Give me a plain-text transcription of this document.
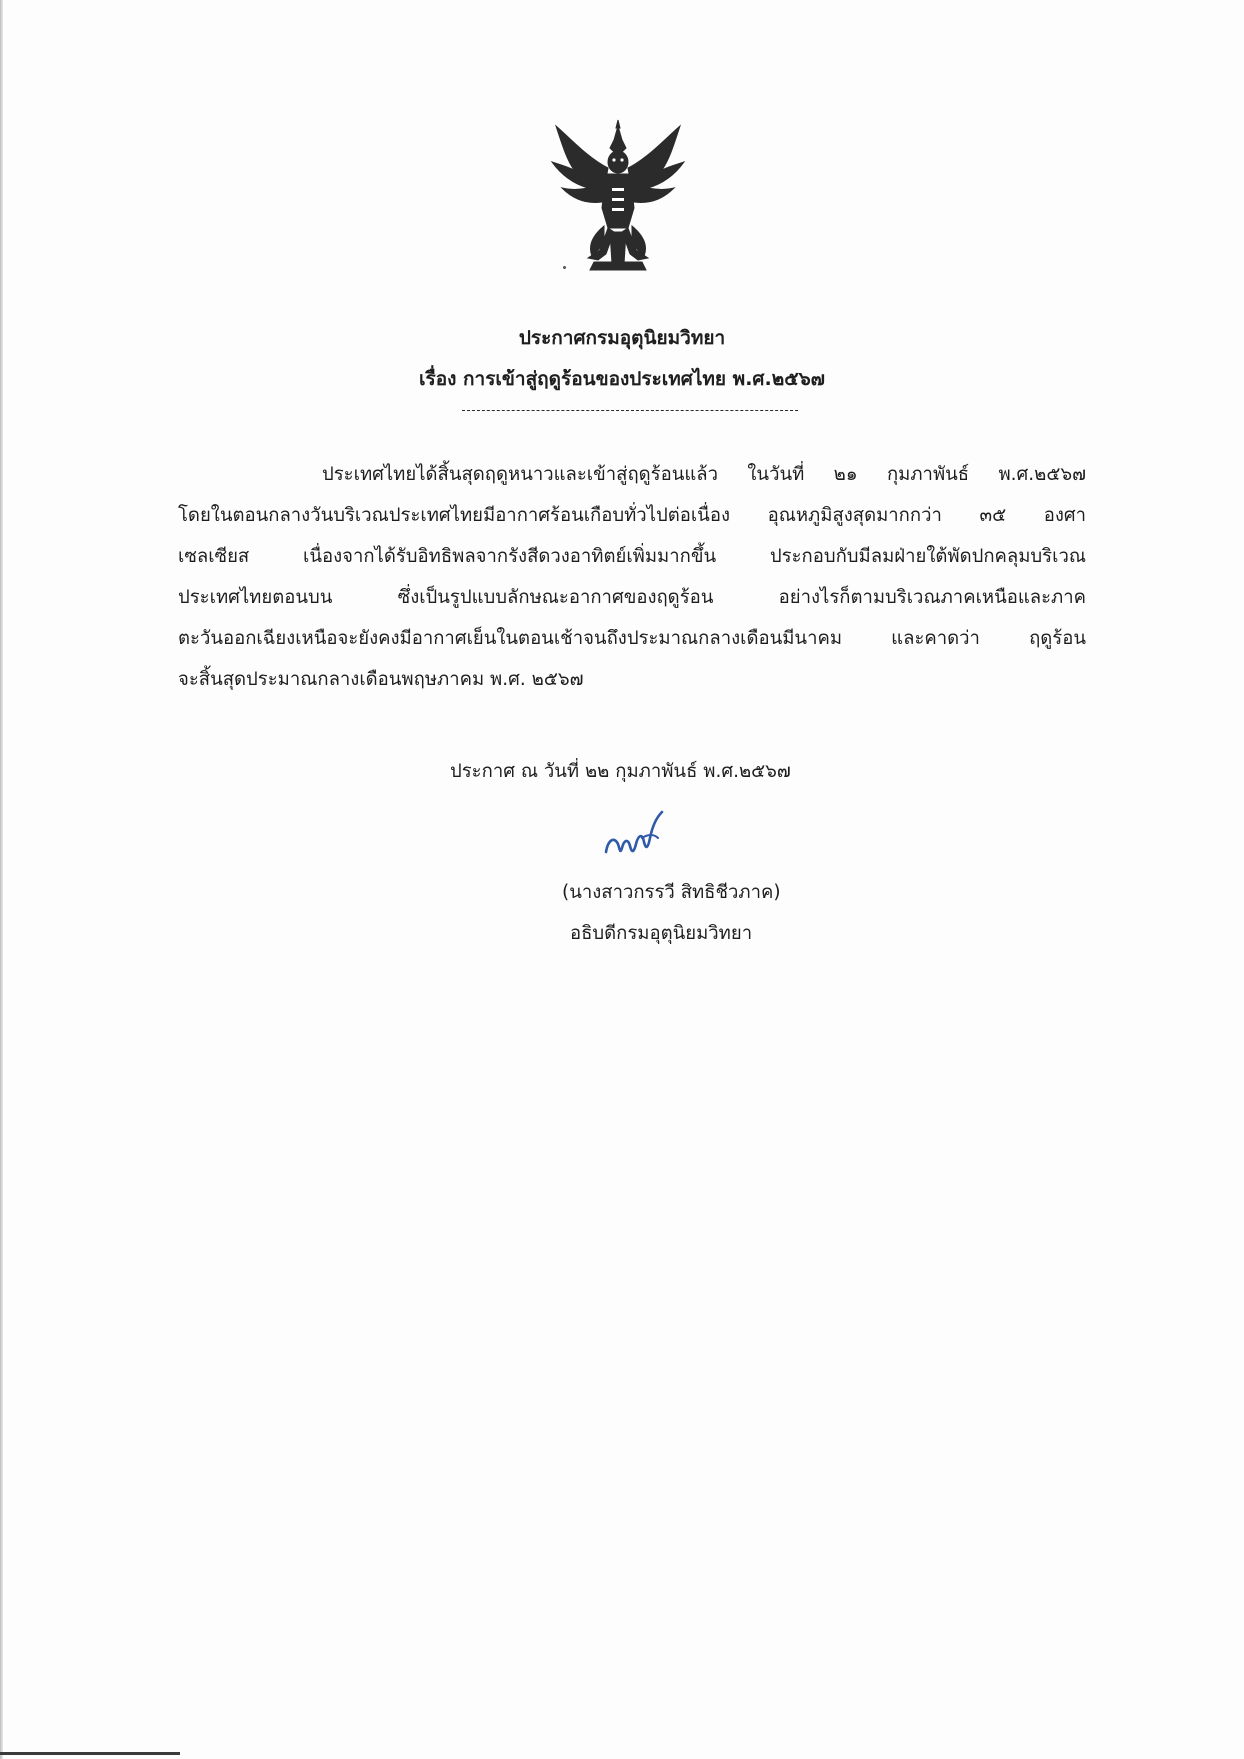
ประกาศกรมอุตุนิยมวิทยา
เรื่อง การเข้าสู่ฤดูร้อนของประเทศไทย พ.ศ.๒๕๖๗
ประเทศไทยได้สิ้นสุดฤดูหนาวและเข้าสู่ฤดูร้อนแล้ว ในวันที่ ๒๑ กุมภาพันธ์ พ.ศ.๒๕๖๗
โดยในตอนกลางวันบริเวณประเทศไทยมีอากาศร้อนเกือบทั่วไปต่อเนื่อง อุณหภูมิสูงสุดมากกว่า ๓๕ องศา
เซลเซียส เนื่องจากได้รับอิทธิพลจากรังสีดวงอาทิตย์เพิ่มมากขึ้น ประกอบกับมีลมฝ่ายใต้พัดปกคลุมบริเวณ
ประเทศไทยตอนบน ซึ่งเป็นรูปแบบลักษณะอากาศของฤดูร้อน อย่างไรก็ตามบริเวณภาคเหนือและภาค
ตะวันออกเฉียงเหนือจะยังคงมีอากาศเย็นในตอนเช้าจนถึงประมาณกลางเดือนมีนาคม และคาดว่า ฤดูร้อน
จะสิ้นสุดประมาณกลางเดือนพฤษภาคม พ.ศ. ๒๕๖๗
ประกาศ ณ วันที่ ๒๒ กุมภาพันธ์ พ.ศ.๒๕๖๗
(นางสาวกรรวี สิทธิชีวภาค)
อธิบดีกรมอุตุนิยมวิทยา
